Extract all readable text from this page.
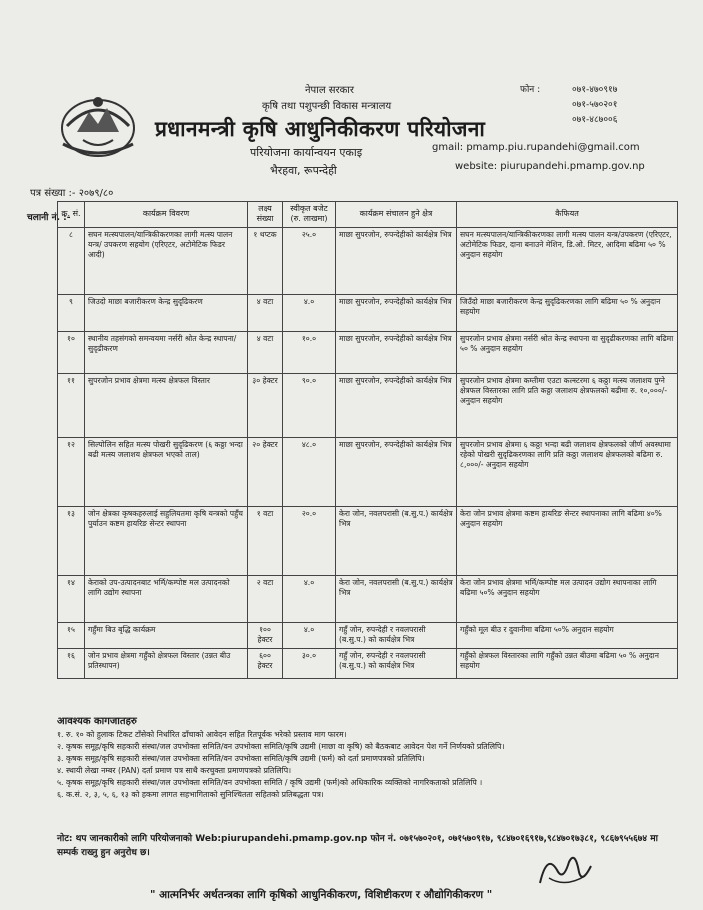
नेपाल सरकार
कृषि तथा पशुपन्छी विकास मन्त्रालय
प्रधानमन्त्री कृषि आधुनिकीकरण परियोजना
परियोजना कार्यान्वयन एकाइ
भैरहवा, रूपन्देही
फोन :	०७१-४७०९१७
०७१-५७०२०१
०७१-४८७००६
gmail: pmamp.piu.rupandehi@gmail.com
website: piurupandehi.pmamp.gov.np
पत्र संख्या :- २०७९/८०
चलानी नं. :-
क्र. सं.	कार्यक्रम विवरण	लक्ष्य संख्या	स्वीकृत बजेट (रु. लाखमा)	कार्यक्रम संचालन हुने क्षेत्र	कैफियत
८	सघन मत्स्यपालन/यान्त्रिकीकरणका लागी मत्स्य पालन यन्त्र/ उपकरण सहयोग (एरिएटर, अटोमेटिक फिडर आदी)	१ थप्टक	२५.०	माछा सुपरजोन, रुपन्देहीको कार्यक्षेत्र भित्र	सघन मत्स्यपालन/यान्त्रिकीकरणका लागी मत्स्य पालन यन्त्र/उपकरण (एरिएटर, अटोमेटिक फिडर, दाना बनाउने मेशिन, डि.ओ. मिटर, आदिमा बढिमा ५० % अनुदान सहयोग
९	जिउदो माछा बजारीकरण केन्द्र सुदृढिकरण	४ वटा	४.०	माछा सुपरजोन, रुपन्देहीको कार्यक्षेत्र भित्र	जिउँदो माछा बजारीकरण केन्द्र सुदृढिकरणका लागि बढिमा ५० % अनुदान सहयोग
१०	स्थानीय तहसंगको समन्वयमा नर्सरी श्रोत केन्द्र स्थापना/ सुदृढीकरण	४ वटा	१०.०	माछा सुपरजोन, रुपन्देहीको कार्यक्षेत्र भित्र	सुपरजोन प्रभाव क्षेत्रमा नर्सरी श्रोत केन्द्र स्थापना वा सुदृढीकरणका लागि बढिमा ५० % अनुदान सहयोग
११	सुपरजोन प्रभाव क्षेत्रमा मत्स्य क्षेत्रफल विस्तार	३० हेक्टर	९०.०	माछा सुपरजोन, रुपन्देहीको कार्यक्षेत्र भित्र	सुपरजोन प्रभाव क्षेत्रमा कम्तीमा एउटा कल्स्टरमा ६ कठ्ठा मत्स्य जलाशय पुग्ने क्षेत्रफल विस्तारका लागि प्रति कठ्ठा जलाशय क्षेत्रफलको बढीमा रु. १०,०००/- अनुदान सहयोग
१२	सिल्पोलिन सहित मत्स्य पोखरी सुदृढिकरण (६ कठ्ठा भन्दा बढी मत्स्य जलाशय क्षेत्रफल भएको ताल)	२० हेक्टर	४८.०	माछा सुपरजोन, रुपन्देहीको कार्यक्षेत्र भित्र	सुपरजोन प्रभाव क्षेत्रमा ६ कठ्ठा भन्दा बढी जलाशय क्षेत्रफलको जीर्ण अवस्थामा रहेको पोखरी सुदृढिकरणका लागि प्रति कठ्ठा जलाशय क्षेत्रफलको बढिमा रु. ८,०००/- अनुदान सहयोग
१३	जोन क्षेत्रका कृषकहरुलाई सहुलियतमा कृषि यन्त्रको पहुँच पुर्याउन कष्टम हायरिङ सेन्टर स्थापना	१ वटा	२०.०	केरा जोन, नवलपरासी (ब.सु.प.) कार्यक्षेत्र भित्र	केरा जोन प्रभाव क्षेत्रमा कष्टम हायरिङ सेन्टर स्थापनाका लागि बढिमा ४०% अनुदान सहयोग
१४	केराको उप-उत्पादनबाट भर्मि/कम्पोष्ट मल उत्पादनको लागि उद्योग स्थापना	२ वटा	४.०	केरा जोन, नवलपरासी (ब.सु.प.) कार्यक्षेत्र भित्र	केरा जोन प्रभाव क्षेत्रमा भर्मि/कम्पोष्ट मल उत्पादन उद्योग स्थापनाका लागि बढिमा ५०% अनुदान सहयोग
१५	गहुँमा बिउ बृद्धि कार्यक्रम	१०० हेक्टर	४.०	गहुँ जोन, रुपन्देही र नवलपरासी (ब.सु.प.) को कार्यक्षेत्र भित्र	गहुँको मूल बीउ र दुवानीमा बढिमा ५०% अनुदान सहयोग
१६	जोन प्रभाव क्षेत्रमा गहुँको क्षेत्रफल विस्तार (उन्नत बीउ प्रतिस्थापन)	६०० हेक्टर	३०.०	गहुँ जोन, रुपन्देही र नवलपरासी (ब.सु.प.) को कार्यक्षेत्र भित्र	गहुँको क्षेत्रफल विस्तारका लागि गहुँको उन्नत बीउमा बढिमा ५० % अनुदान सहयोग
आवश्यक कागजातहरु
१. रु. १० को हुलाक टिकट टाँसेको निर्धारित ढाँचाको आवेदन सहित रितपूर्वक भरेको प्रस्ताव माग फारम।
२. कृषक समूह/कृषि सहकारी संस्था/जल उपभोक्ता समिति/वन उपभोक्ता समिति/कृषि उद्यमी (माछा वा कृषि) को बैठकबाट आवेदन पेश गर्ने निर्णयको प्रतिलिपि।
३. कृषक समूह/कृषि सहकारी संस्था/जल उपभोक्ता समिति/वन उपभोक्ता समिति/कृषि उद्यमी (फर्म) को दर्ता प्रमाणपत्रको प्रतिलिपि।
४. स्थायी लेखा नम्बर (PAN) दर्ता प्रमाण पत्र साथै करचुक्ता प्रमाणपत्रको प्रतिलिपि।
५. कृषक समूह/कृषि सहकारी संस्था/जल उपभोक्ता समिति/वन उपभोक्ता समिति / कृषि उद्यमी (फर्म)को अधिकारिक व्यक्तिको नागरिकताको प्रतिलिपि ।
६. क.सं. २, ३, ५, ६, १३ को हकमा लागत सहभागिताको सुनिश्चितता सहितको प्रतिबद्धता पत्र।
नोट: थप जानकारीको लागि परियोजनाको Web:piurupandehi.pmamp.gov.np फोन नं. ०७१५७०२०१, ०७१५७०९१७, ९८४७०१६९१७,९८४७०१७३८१, ९८६७९५५६७४ मा सम्पर्क राख्नु हुन अनुरोध छ।
" आत्मनिर्भर अर्थतन्त्रका लागि कृषिको आधुनिकीकरण, विशिष्टीकरण र औद्योगिकीकरण "
